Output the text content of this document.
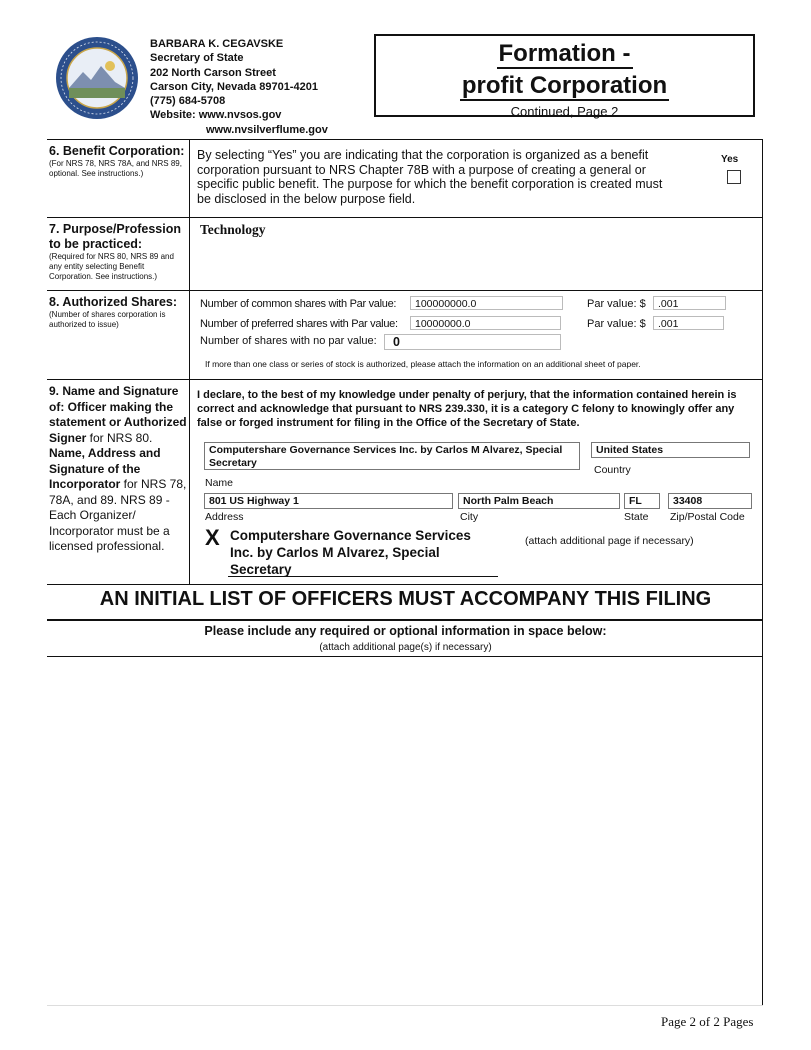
BARBARA K. CEGAVSKE
Secretary of State
202 North Carson Street
Carson City, Nevada 89701-4201
(775) 684-5708
Website: www.nvsos.gov
www.nvsilverflume.gov
Formation -
profit Corporation
Continued, Page 2
6. Benefit Corporation:
(For NRS 78, NRS 78A, and NRS 89, optional. See instructions.)
By selecting “Yes” you are indicating that the corporation is organized as a benefit corporation pursuant to NRS Chapter 78B with a purpose of creating a general or specific public benefit. The purpose for which the benefit corporation is created must be disclosed in the below purpose field.
Yes
7. Purpose/Profession to be practiced:
(Required for NRS 80, NRS 89 and any entity selecting Benefit Corporation. See instructions.)
Technology
8. Authorized Shares:
(Number of shares corporation is authorized to issue)
Number of common shares with Par value:	100000000.0	Par value: $	.001
Number of preferred shares with Par value:	10000000.0	Par value: $	.001
Number of shares with no par value:	0
If more than one class or series of stock is authorized, please attach the information on an additional sheet of paper.
9. Name and Signature of: Officer making the statement or Authorized Signer for NRS 80.
Name, Address and Signature of the Incorporator for NRS 78, 78A, and 89. NRS 89 - Each Organizer/ Incorporator must be a licensed professional.
I declare, to the best of my knowledge under penalty of perjury, that the information contained herein is correct and acknowledge that pursuant to NRS 239.330, it is a category C felony to knowingly offer any false or forged instrument for filing in the Office of the Secretary of State.
Computershare Governance Services Inc. by Carlos M Alvarez, Special Secretary
Name
United States
Country
801 US Highway 1
Address
North Palm Beach
City
FL
State
33408
Zip/Postal Code
X Computershare Governance Services Inc. by Carlos M Alvarez, Special Secretary
(attach additional page if necessary)
AN INITIAL LIST OF OFFICERS MUST ACCOMPANY THIS FILING
Please include any required or optional information in space below:
(attach additional page(s) if necessary)
Page 2 of 2 Pages
